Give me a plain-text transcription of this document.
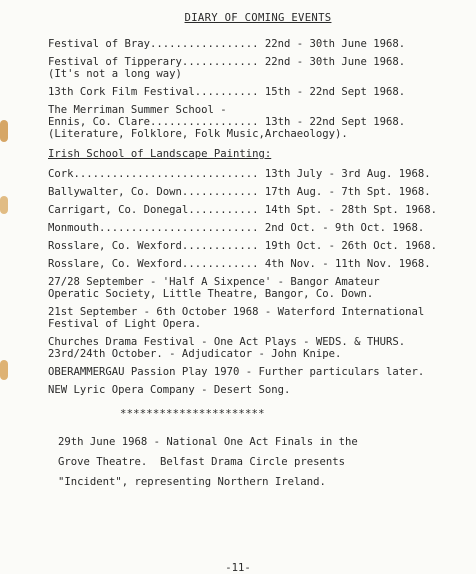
DIARY OF COMING EVENTS

Festival of Bray................. 22nd - 30th June 1968.

Festival of Tipperary............ 22nd - 30th June 1968.

(It's not a long way)

13th Cork Film Festival.......... 15th - 22nd Sept 1968.

The Merriman Summer School -

Ennis, Co. Clare................. 13th - 22nd Sept 1968.

(Literature, Folklore, Folk Music,Archaeology).

Irish School of Landscape Painting:

Cork............................. 13th July - 3rd Aug. 1968.

Ballywalter, Co. Down............ 17th Aug. - 7th Spt. 1968.

Carrigart, Co. Donegal........... 14th Spt. - 28th Spt. 1968.

Monmouth......................... 2nd Oct. - 9th Oct. 1968.

Rosslare, Co. Wexford............ 19th Oct. - 26th Oct. 1968.

Rosslare, Co. Wexford............ 4th Nov. - 11th Nov. 1968.

27/28 September - 'Half A Sixpence' - Bangor Amateur

Operatic Society, Little Theatre, Bangor, Co. Down.

21st September - 6th October 1968 - Waterford International

Festival of Light Opera.

Churches Drama Festival - One Act Plays - WEDS. & THURS.

23rd/24th October. - Adjudicator - John Knipe.

OBERAMMERGAU Passion Play 1970 - Further particulars later.

NEW Lyric Opera Company - Desert Song.

**********************

29th June 1968 - National One Act Finals in the

Grove Theatre.  Belfast Drama Circle presents

"Incident", representing Northern Ireland.

-11-
